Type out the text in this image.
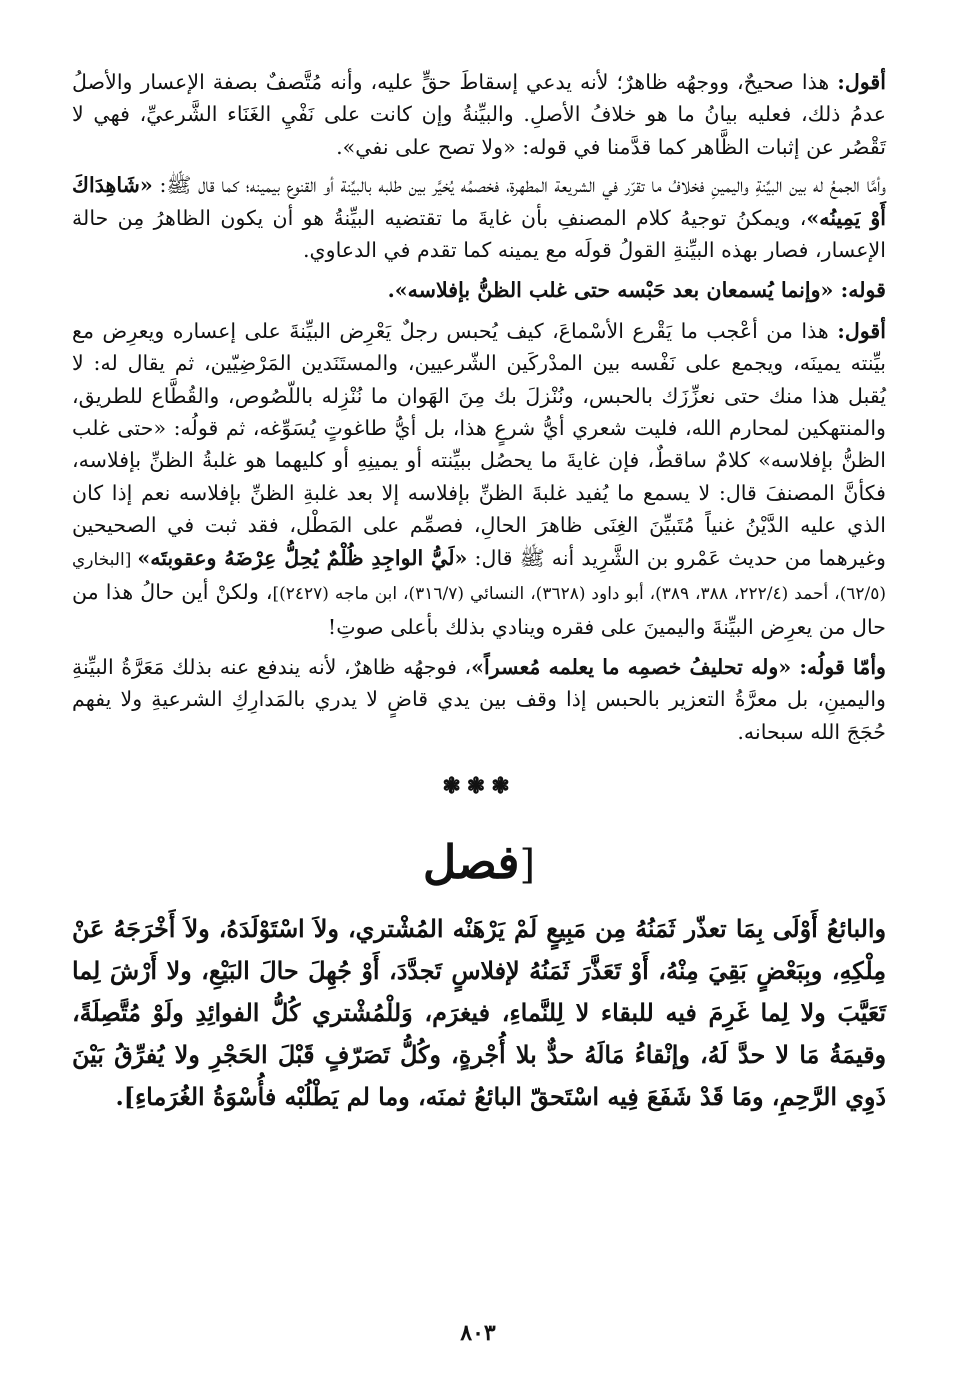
أقول: هذا صحيحٌ، ووجهُه ظاهرٌ؛ لأنه يدعي إسقاطَ حقٍّ عليه، وأنه مُتَّصفٌ بصفة الإعسار والأصلُ عدمُ ذلك، فعليه بيانُ ما هو خلافُ الأصلِ. والبيِّنةُ وإن كانت على نَفْيِ الغَنَاء الشَّرعيِّ، فهي لا تَقْصُر عن إثبات الظَّاهر كما قدَّمنا في قوله: «ولا تصح على نفي».

وأمَّا الجمعُ له بين البيِّنةِ واليمينِ فخلافُ ما تقرّر في الشريعة المطهرة، فخصمُه يُخيَّر بين طلبه بالبيِّنة أو القنوع بيمينه؛ كما قال ﷺ: «شَاهِدَاكَ أَوْ يَمِينُه»، ويمكنُ توجيهُ كلام المصنفِ بأن غايةَ ما تقتضيه البيِّنةُ هو أن يكون الظاهرُ مِن حالة الإعسار، فصار بهذه البيِّنةِ القولُ قولَه مع يمينه كما تقدم في الدعاوي.

قوله: «وإنما يُسمعان بعد حَبْسه حتى غلب الظنُّ بإفلاسه».

أقول: هذا من أعْجب ما يَقْرع الأسْماعَ، كيف يُحبس رجلٌ يَعْرِض البيِّنةَ على إعساره ويعرِض مع بيِّنته يمينَه، ويجمع على نَفْسه بين المدْركَين الشّرعيين، والمستَنَدين المَرْضِيّين، ثم يقال له: لا يُقبل هذا منك حتى نعزِّزَك بالحبس، ونُنْزلَ بك مِنَ الهَوان ما نُنْزِله باللّصُوص، والقُطَّاع للطريق، والمنتهكين لمحارم الله، فليت شعري أيُّ شرعٍ هذا، بل أيُّ طاغوتٍ يُسَوِّغه، ثم قولُه: «حتى غلب الظنُّ بإفلاسه» كلامٌ ساقطٌ، فإن غايةَ ما يحصُل ببيِّنته أو يمينِهِ أو كليهما هو غلبةُ الظنِّ بإفلاسه، فكأنَّ المصنفَ قال: لا يسمع ما يُفيد غلبةَ الظنِّ بإفلاسه إلا بعد غلبةِ الظنِّ بإفلاسه نعم إذا كان الذي عليه الدَّيْنُ غنياً مُتَبيِّنَ الغِنَى ظاهرَ الحالِ، فصمِّم على المَطْل، فقد ثبت في الصحيحين وغيرهما من حديث عَمْرو بن الشَّرِيد أنه ﷺ قال: «لَيُّ الواجِدِ ظُلْمٌ يُحِلُّ عِرْضَهُ وعقوبتَه» [البخاري (٦٢/٥)، أحمد (٢٢٢/٤، ٣٨٨، ٣٨٩)، أبو داود (٣٦٢٨)، النسائي (٣١٦/٧)، ابن ماجه (٢٤٢٧)]، ولكنْ أين حالُ هذا من حال من يعرِض البيِّنةَ واليمينَ على فقره وينادي بذلك بأعلى صوتِ!

وأمّا قولُه: «وله تحليفُ خصمِه ما يعلمه مُعسراً»، فوجهُه ظاهرٌ، لأنه يندفع عنه بذلك مَعَرَّةُ البيِّنةِ واليمينِ، بل معرَّةُ التعزير بالحبس إذا وقف بين يدي قاضٍ لا يدري بالمَدارِكِ الشرعيةِ ولا يفهم حُجَجَ الله سبحانه.

❃❃❃
[فصل

والبائعُ أَوْلَى بِمَا تعذّر ثَمَنُهُ مِن مَبِيعٍ لَمْ يَرْهَنْه المُشْتري، ولاَ اسْتَوْلَدَهُ، ولاَ أَخْرَجَهُ عَنْ مِلْكِهِ، وبِبَعْضٍ بَقِيَ مِنْهُ، أَوْ تَعَذَّرَ ثَمَنُهُ لإفلاسٍ تَجدَّدَ، أَوْ جُهِلَ حالَ البَيْعِ، ولا أَرْشَ لِما تَعَيَّبَ ولا لِما غَرِمَ فيه للبقاء لا لِلنَّماءِ، فيغرَم، وَللْمُشْتري كُلُّ الفوائِدِ ولَوْ مُتَّصِلَةً، وقيمَةُ مَا لا حدَّ لَهُ، وإنْقاءُ مَالَهُ حدٌّ بلا أُجْرةٍ، وكُلُّ تَصَرّفٍ قَبْلَ الحَجْرِ ولا يُفرِّقُ بَيْنَ ذَوِي الرَّحِمِ، ومَا قَدْ شَفَعَ فِيه اسْتَحقّ البائعُ ثمنَه، وما لم يَطْلُبْه فأُسْوَةُ الغُرَماءِ].

٨٠٣
